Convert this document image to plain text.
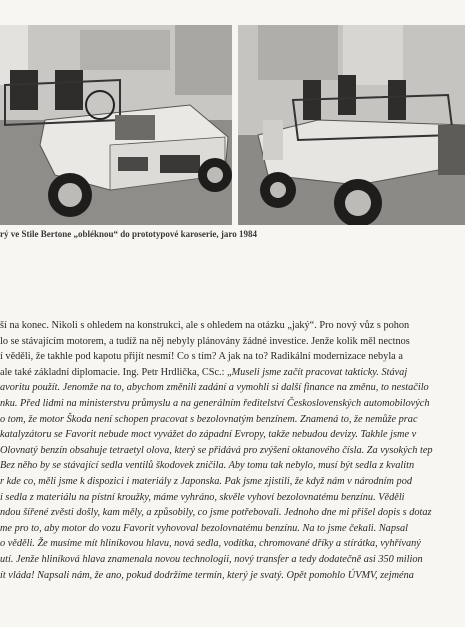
rý ve Stile Bertone „obléknou“ do prototypové karoserie, jaro 1984
ší na konec. Nikoli s ohledem na konstrukci, ale s ohledem na otázku „jaký“. Pro nový vůz s pohon
lo se stávajícím motorem, a tudíž na něj nebyly plánovány žádné investice. Jenže kolik měl nectnos
í věděli, že takhle pod kapotu přijít nesmí! Co s tím? A jak na to? Radikální modernizace nebyla a
ale také základní diplomacie. Ing. Petr Hrdlička, CSc.: „Museli jsme začít pracovat takticky. Stávaj
avoritu použít. Jenomže na to, abychom změnili zadání a vymohli si další finance na změnu, to nestačilo
nku. Před lidmi na ministerstvu průmyslu a na generálním ředitelství Československých automobilových
o tom, že motor Škoda není schopen pracovat s bezolovnatým benzínem. Znamená to, že nemůže prac
katalyzátoru se Favorit nebude moct vyvážet do západní Evropy, takže nebudou devizy. Takhle jsme v
Olovnatý benzín obsahuje tetraetyl olova, který se přidává pro zvýšení oktanového čísla. Za vysokých tep
Bez něho by se stávající sedla ventilů škodovek zničila. Aby tomu tak nebylo, musí být sedla z kvalitn
r kde co, měli jsme k dispozici i materiály z Japonska. Pak jsme zjistili, že když nám v národním pod
i sedla z materiálu na pístní kroužky, máme vyhráno, skvěle vyhoví bezolovnatému benzínu. Věděli
ndou šířené zvěsti došly, kam měly, a způsobily, co jsme potřebovali. Jednoho dne mi přišel dopis s dotaz
me pro to, aby motor do vozu Favorit vyhovoval bezolovnatému benzínu. Na to jsme čekali. Napsal
o věděli. Že musíme mít hliníkovou hlavu, nová sedla, vodítka, chromované dříky a stírátka, vyhřívaný
utí. Jenže hliníková hlava znamenala novou technologii, nový transfer a tedy dodatečně asi 350 milion
ít vláda! Napsali nám, že ano, pokud dodržíme termín, který je svatý. Opět pomohlo ÚVMV, zejména
